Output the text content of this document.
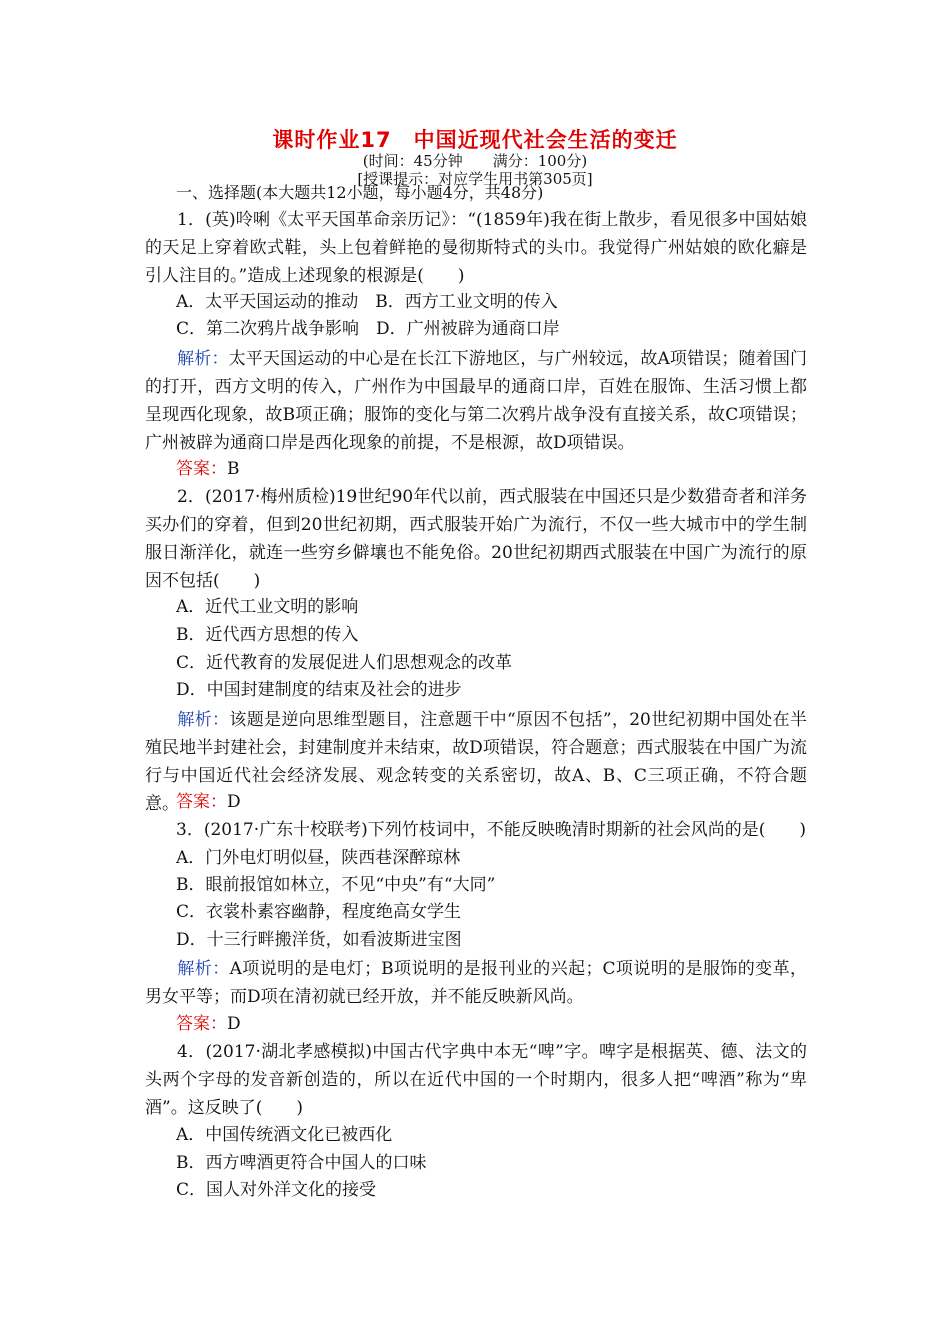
课时作业17　中国近现代社会生活的变迁
(时间：45分钟　　满分：100分)
[授课提示：对应学生用书第305页]
一、选择题(本大题共12小题，每小题4分，共48分)
1．(英)呤唎《太平天国革命亲历记》：“(1859年)我在街上散步，看见很多中国姑娘的天足上穿着欧式鞋，头上包着鲜艳的曼彻斯特式的头巾。我觉得广州姑娘的欧化癖是引人注目的。”造成上述现象的根源是(　　)
A．太平天国运动的推动　B．西方工业文明的传入
C．第二次鸦片战争影响　D．广州被辟为通商口岸
解析：太平天国运动的中心是在长江下游地区，与广州较远，故A项错误；随着国门的打开，西方文明的传入，广州作为中国最早的通商口岸，百姓在服饰、生活习惯上都呈现西化现象，故B项正确；服饰的变化与第二次鸦片战争没有直接关系，故C项错误；广州被辟为通商口岸是西化现象的前提，不是根源，故D项错误。
答案：B
2．(2017·梅州质检)19世纪90年代以前，西式服装在中国还只是少数猎奇者和洋务买办们的穿着，但到20世纪初期，西式服装开始广为流行，不仅一些大城市中的学生制服日渐洋化，就连一些穷乡僻壤也不能免俗。20世纪初期西式服装在中国广为流行的原因不包括(　　)
A．近代工业文明的影响
B．近代西方思想的传入
C．近代教育的发展促进人们思想观念的改革
D．中国封建制度的结束及社会的进步
解析：该题是逆向思维型题目，注意题干中“原因不包括”，20世纪初期中国处在半殖民地半封建社会，封建制度并未结束，故D项错误，符合题意；西式服装在中国广为流行与中国近代社会经济发展、观念转变的关系密切，故A、B、C三项正确，不符合题意。
答案：D
3．(2017·广东十校联考)下列竹枝词中，不能反映晚清时期新的社会风尚的是(　　)
A．门外电灯明似昼，陕西巷深醉琼林
B．眼前报馆如林立，不见“中央”有“大同”
C．衣裳朴素容幽静，程度绝高女学生
D．十三行畔搬洋货，如看波斯进宝图
解析：A项说明的是电灯；B项说明的是报刊业的兴起；C项说明的是服饰的变革，男女平等；而D项在清初就已经开放，并不能反映新风尚。
答案：D
4．(2017·湖北孝感模拟)中国古代字典中本无“啤”字。啤字是根据英、德、法文的头两个字母的发音新创造的，所以在近代中国的一个时期内，很多人把“啤酒”称为“卑酒”。这反映了(　　)
A．中国传统酒文化已被西化
B．西方啤酒更符合中国人的口味
C．国人对外洋文化的接受
